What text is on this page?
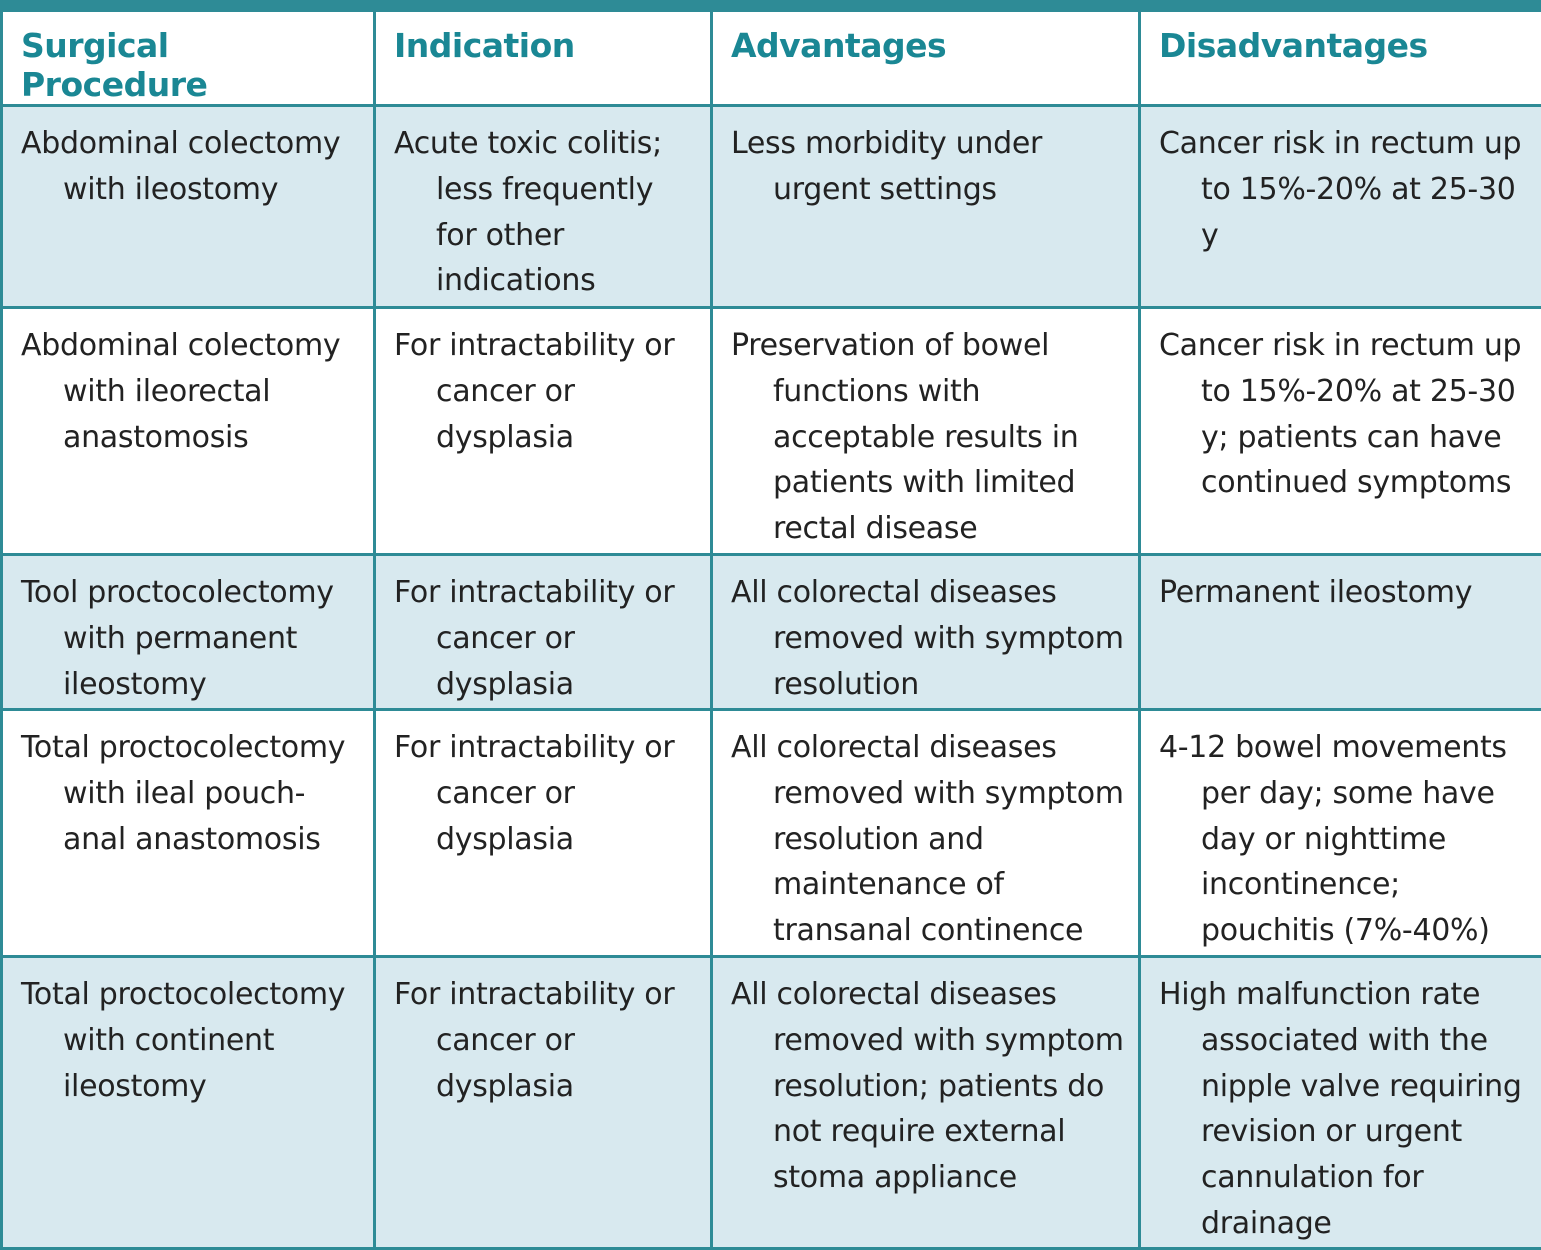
Surgical Procedure	Indication	Advantages	Disadvantages

Abdominal colectomy with ileostomy	Acute toxic colitis; less frequently for other indications	Less morbidity under urgent settings	Cancer risk in rectum up to 15%-20% at 25-30 y

Abdominal colectomy with ileorectal anastomosis	For intractability or cancer or dysplasia	Preservation of bowel functions with acceptable results in patients with limited rectal disease	Cancer risk in rectum up to 15%-20% at 25-30 y; patients can have continued symptoms

Tool proctocolectomy with permanent ileostomy	For intractability or cancer or dysplasia	All colorectal diseases removed with symptom resolution	Permanent ileostomy

Total proctocolectomy with ileal pouch-anal anastomosis	For intractability or cancer or dysplasia	All colorectal diseases removed with symptom resolution and maintenance of transanal continence	4-12 bowel movements per day; some have day or nighttime incontinence; pouchitis (7%-40%)

Total proctocolectomy with continent ileostomy	For intractability or cancer or dysplasia	All colorectal diseases removed with symptom resolution; patients do not require external stoma appliance	High malfunction rate associated with the nipple valve requiring revision or urgent cannulation for drainage
